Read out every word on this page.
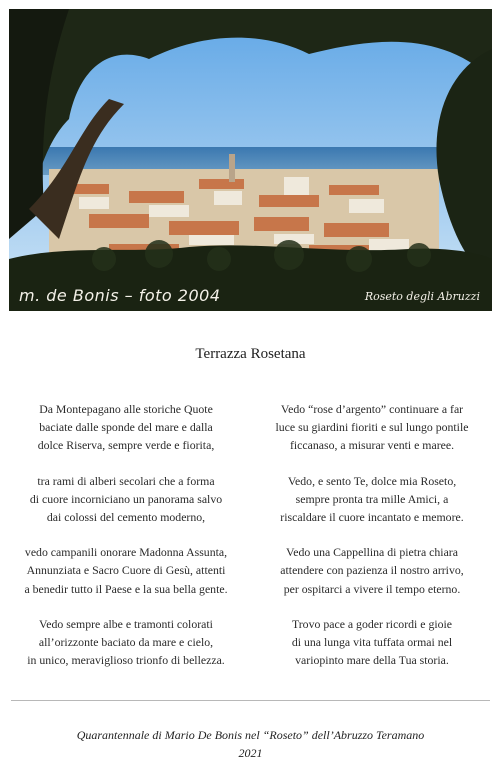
m. de Bonis – foto 2004	Roseto degli Abruzzi
Terrazza Rosetana
Da Montepagano alle storiche Quote
baciate dalle sponde del mare e dalla
dolce Riserva, sempre verde e fiorita,
tra rami di alberi secolari che a forma
di cuore incorniciano un panorama salvo
dai colossi del cemento moderno,
vedo campanili onorare Madonna Assunta,
Annunziata e Sacro Cuore di Gesù, attenti
a benedir tutto il Paese e la sua bella gente.
Vedo sempre albe e tramonti colorati
all’orizzonte baciato da mare e cielo,
in unico, meraviglioso trionfo di bellezza.
Vedo “rose d’argento” continuare a far
luce su giardini fioriti e sul lungo pontile
ficcanaso, a misurar venti e maree.
Vedo, e sento Te, dolce mia Roseto,
sempre pronta tra mille Amici, a
riscaldare il cuore incantato e memore.
Vedo una Cappellina di pietra chiara
attendere con pazienza il nostro arrivo,
per ospitarci a vivere il tempo eterno.
Trovo pace a goder ricordi e gioie
di una lunga vita tuffata ormai nel
variopinto mare della Tua storia.
Quarantennale di Mario De Bonis nel “Roseto” dell’Abruzzo Teramano
2021
